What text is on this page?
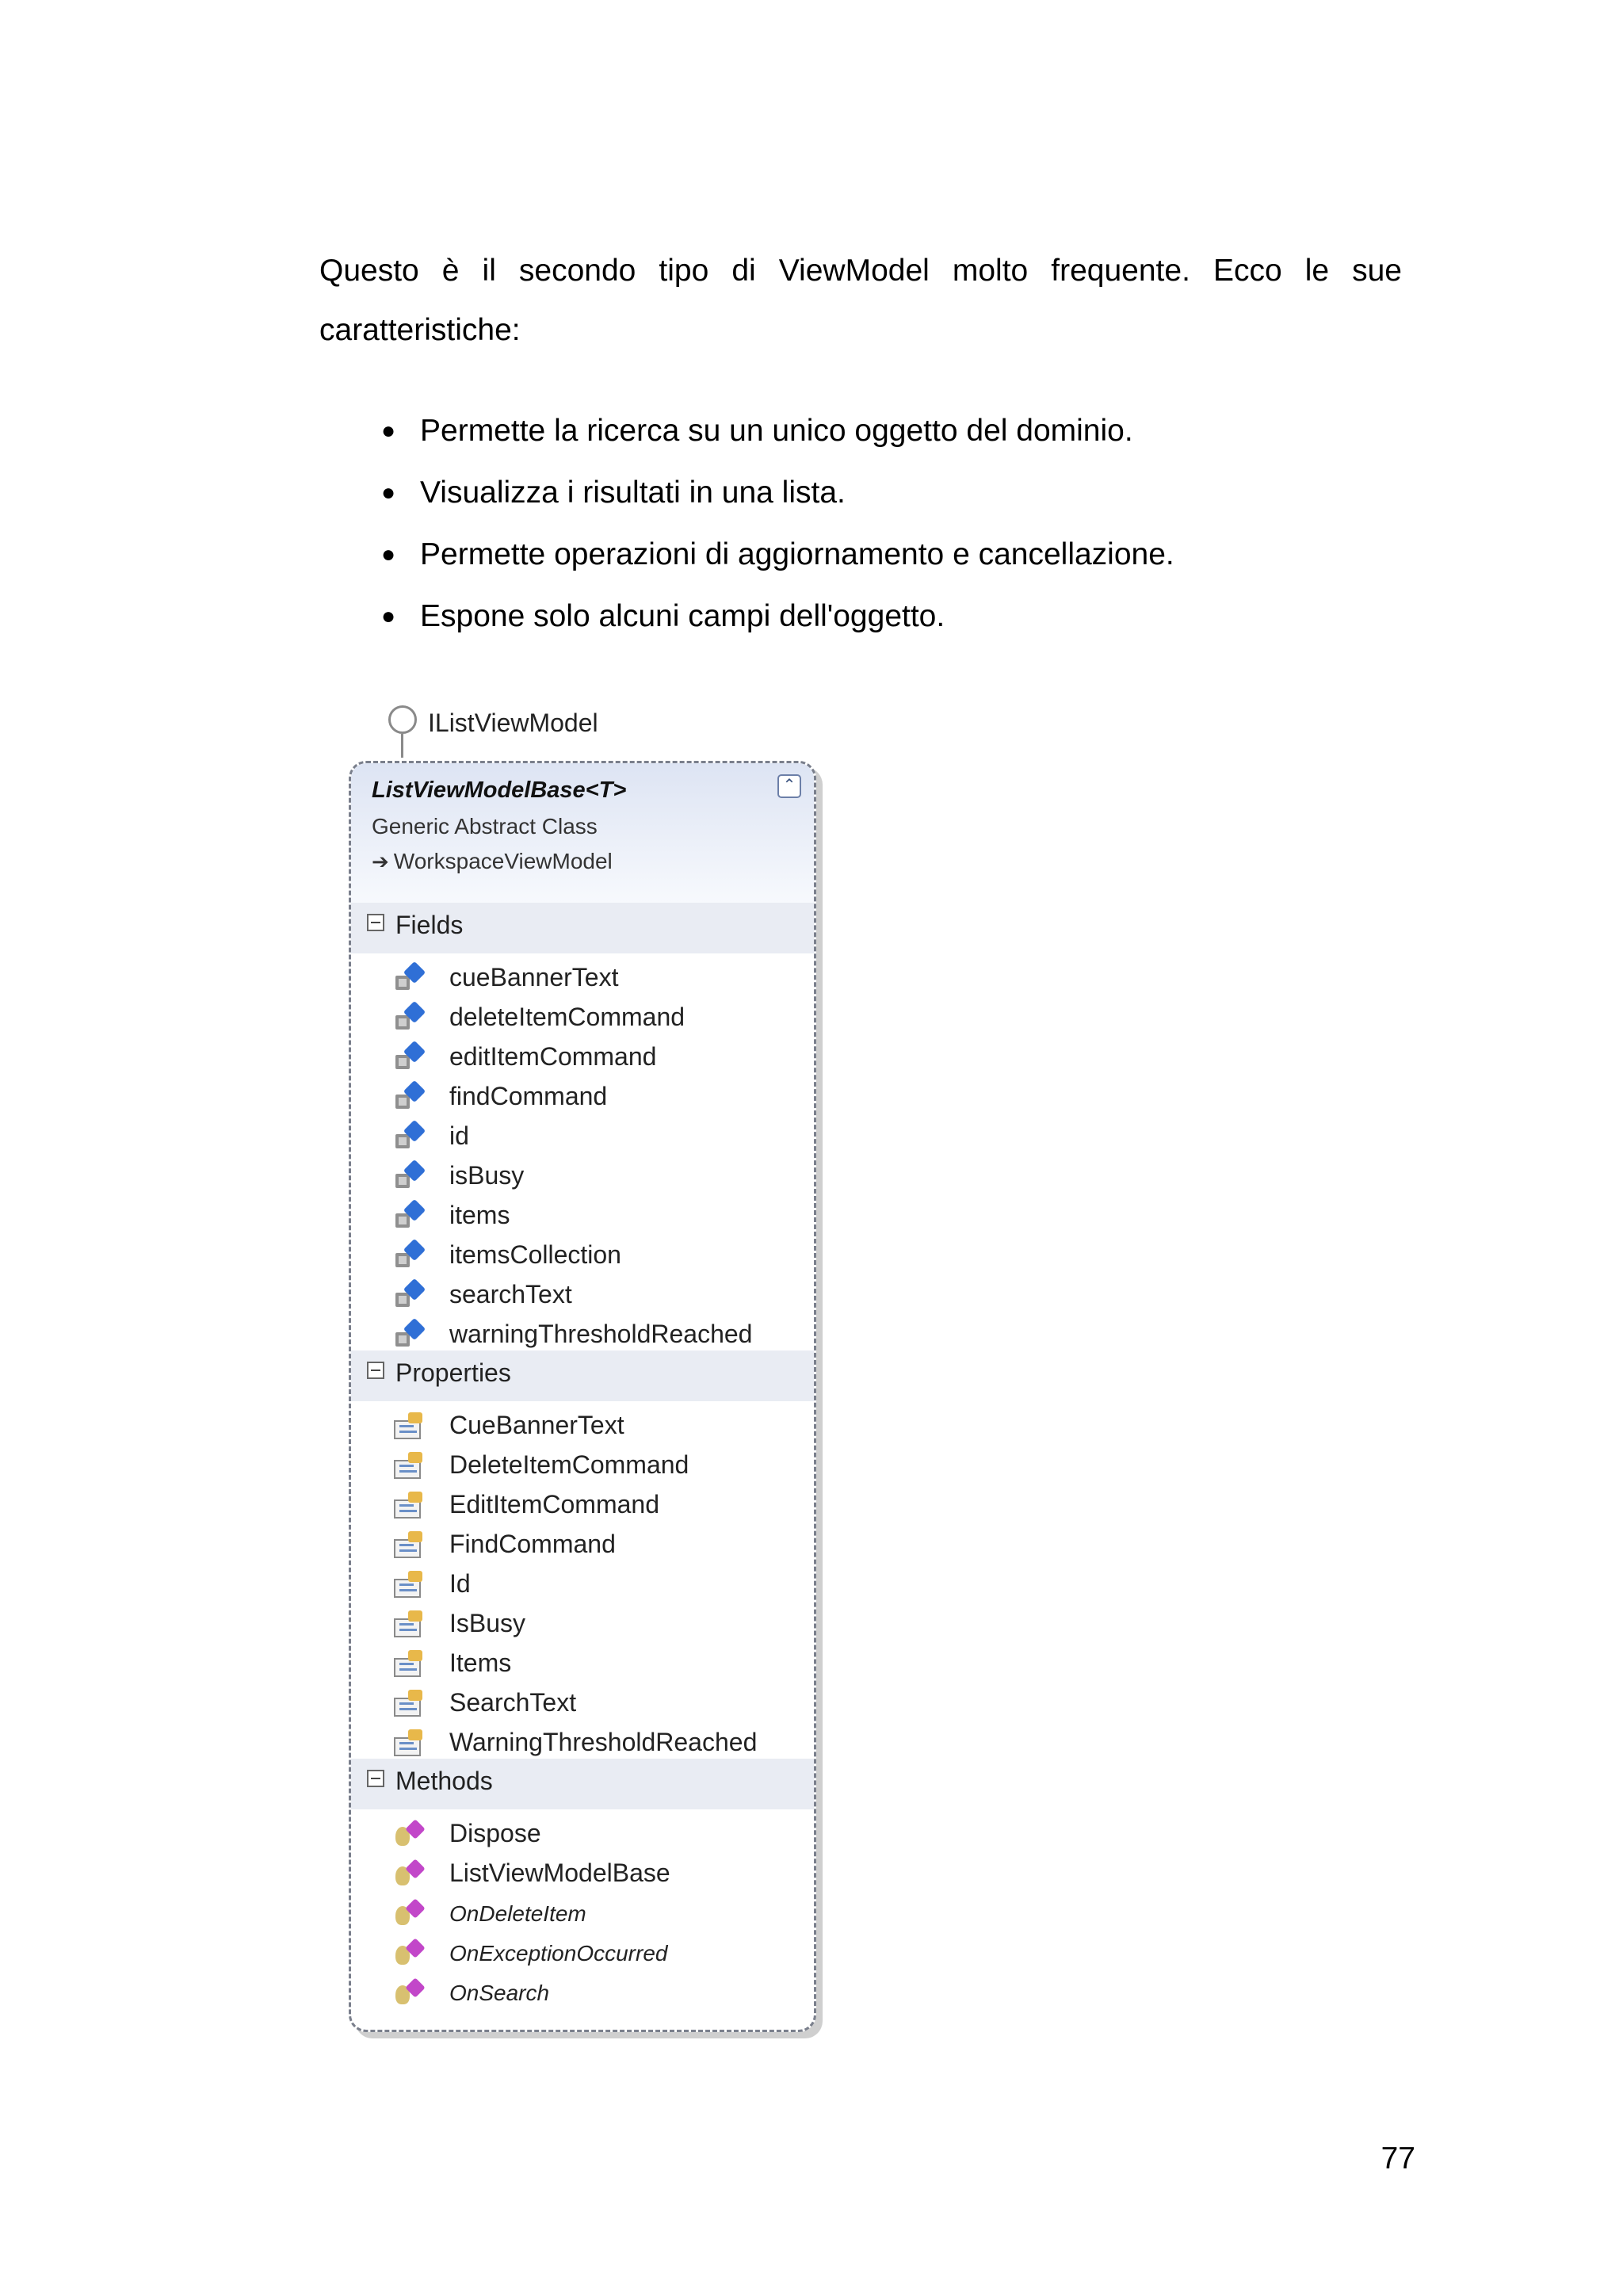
Questo è il secondo tipo di ViewModel molto frequente. Ecco le sue caratteristiche:

● Permette la ricerca su un unico oggetto del dominio.
● Visualizza i risultati in una lista.
● Permette operazioni di aggiornamento e cancellazione.
● Espone solo alcuni campi dell'oggetto.
IListViewModel
ListViewModelBase<T>
Generic Abstract Class
➔ WorkspaceViewModel
⌃
Fields
cueBannerText
deleteItemCommand
editItemCommand
findCommand
id
isBusy
items
itemsCollection
searchText
warningThresholdReached
Properties
CueBannerText
DeleteItemCommand
EditItemCommand
FindCommand
Id
IsBusy
Items
SearchText
WarningThresholdReached
Methods
Dispose
ListViewModelBase
OnDeleteItem
OnExceptionOccurred
OnSearch
77
